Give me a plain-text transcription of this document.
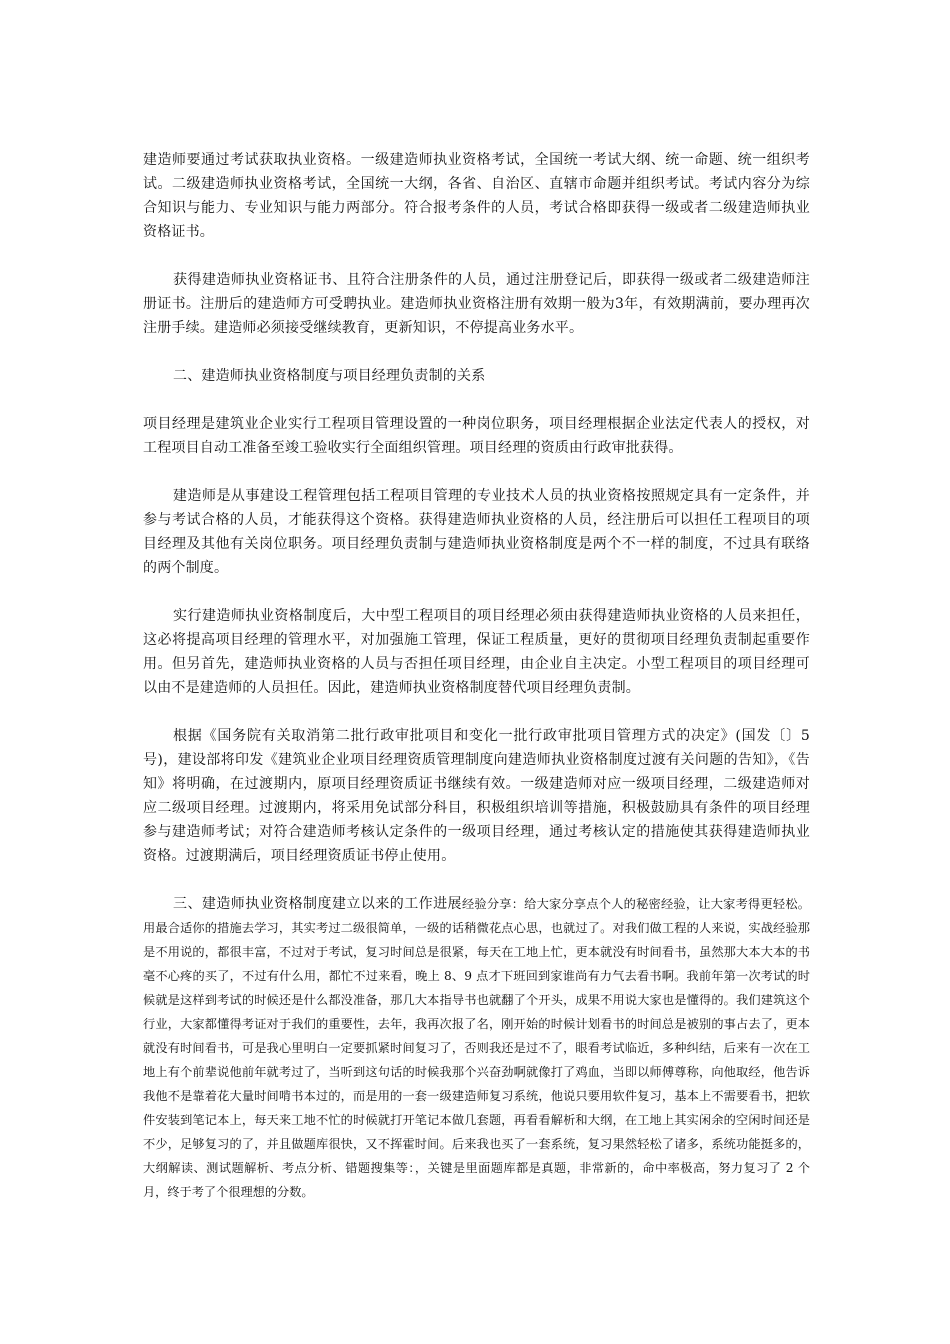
建造师要通过考试获取执业资格。一级建造师执业资格考试，全国统一考试大纲、统一命题、统一组织考试。二级建造师执业资格考试，全国统一大纲，各省、自治区、直辖市命题并组织考试。考试内容分为综合知识与能力、专业知识与能力两部分。符合报考条件的人员，考试合格即获得一级或者二级建造师执业资格证书。

获得建造师执业资格证书、且符合注册条件的人员，通过注册登记后，即获得一级或者二级建造师注册证书。注册后的建造师方可受聘执业。建造师执业资格注册有效期一般为3年，有效期满前，要办理再次注册手续。建造师必须接受继续教育，更新知识，不停提高业务水平。

二、建造师执业资格制度与项目经理负责制的关系

项目经理是建筑业企业实行工程项目管理设置的一种岗位职务，项目经理根据企业法定代表人的授权，对工程项目自动工准备至竣工验收实行全面组织管理。项目经理的资质由行政审批获得。

建造师是从事建设工程管理包括工程项目管理的专业技术人员的执业资格按照规定具有一定条件，并参与考试合格的人员，才能获得这个资格。获得建造师执业资格的人员，经注册后可以担任工程项目的项目经理及其他有关岗位职务。项目经理负责制与建造师执业资格制度是两个不一样的制度，不过具有联络的两个制度。

实行建造师执业资格制度后，大中型工程项目的项目经理必须由获得建造师执业资格的人员来担任，这必将提高项目经理的管理水平，对加强施工管理，保证工程质量，更好的贯彻项目经理负责制起重要作用。但另首先，建造师执业资格的人员与否担任项目经理，由企业自主决定。小型工程项目的项目经理可以由不是建造师的人员担任。因此，建造师执业资格制度替代项目经理负责制。

根据《国务院有关取消第二批行政审批项目和变化一批行政审批项目管理方式的决定》(国发〔〕5号)，建设部将印发《建筑业企业项目经理资质管理制度向建造师执业资格制度过渡有关问题的告知》，《告知》将明确，在过渡期内，原项目经理资质证书继续有效。一级建造师对应一级项目经理，二级建造师对应二级项目经理。过渡期内，将采用免试部分科目，积极组织培训等措施，积极鼓励具有条件的项目经理参与建造师考试；对符合建造师考核认定条件的一级项目经理，通过考核认定的措施使其获得建造师执业资格。过渡期满后，项目经理资质证书停止使用。

三、建造师执业资格制度建立以来的工作进展经验分享：给大家分享点个人的秘密经验，让大家考得更轻松。用最合适你的措施去学习，其实考过二级很简单，一级的话稍微花点心思，也就过了。对我们做工程的人来说，实战经验那是不用说的，都很丰富，不过对于考试，复习时间总是很紧，每天在工地上忙，更本就没有时间看书，虽然那大本大本的书毫不心疼的买了，不过有什么用，都忙不过来看，晚上 8、9 点才下班回到家谁尚有力气去看书啊。我前年第一次考试的时候就是这样到考试的时候还是什么都没准备，那几大本指导书也就翻了个开头，成果不用说大家也是懂得的。我们建筑这个行业，大家都懂得考证对于我们的重要性，去年，我再次报了名，刚开始的时候计划看书的时间总是被别的事占去了，更本就没有时间看书，可是我心里明白一定要抓紧时间复习了，否则我还是过不了，眼看考试临近，多种纠结，后来有一次在工地上有个前辈说他前年就考过了，当听到这句话的时候我那个兴奋劲啊就像打了鸡血，当即以师傅尊称，向他取经，他告诉我他不是靠着花大量时间啃书本过的，而是用的一套一级建造师复习系统，他说只要用软件复习，基本上不需要看书，把软件安装到笔记本上，每天来工地不忙的时候就打开笔记本做几套题，再看看解析和大纲，在工地上其实闲余的空闲时间还是不少，足够复习的了，并且做题库很快，又不挥霍时间。后来我也买了一套系统，复习果然轻松了诸多，系统功能挺多的，大纲解读、测试题解析、考点分析、错题搜集等：，关键是里面题库都是真题，非常新的，命中率极高，努力复习了 2 个月，终于考了个很理想的分数。
